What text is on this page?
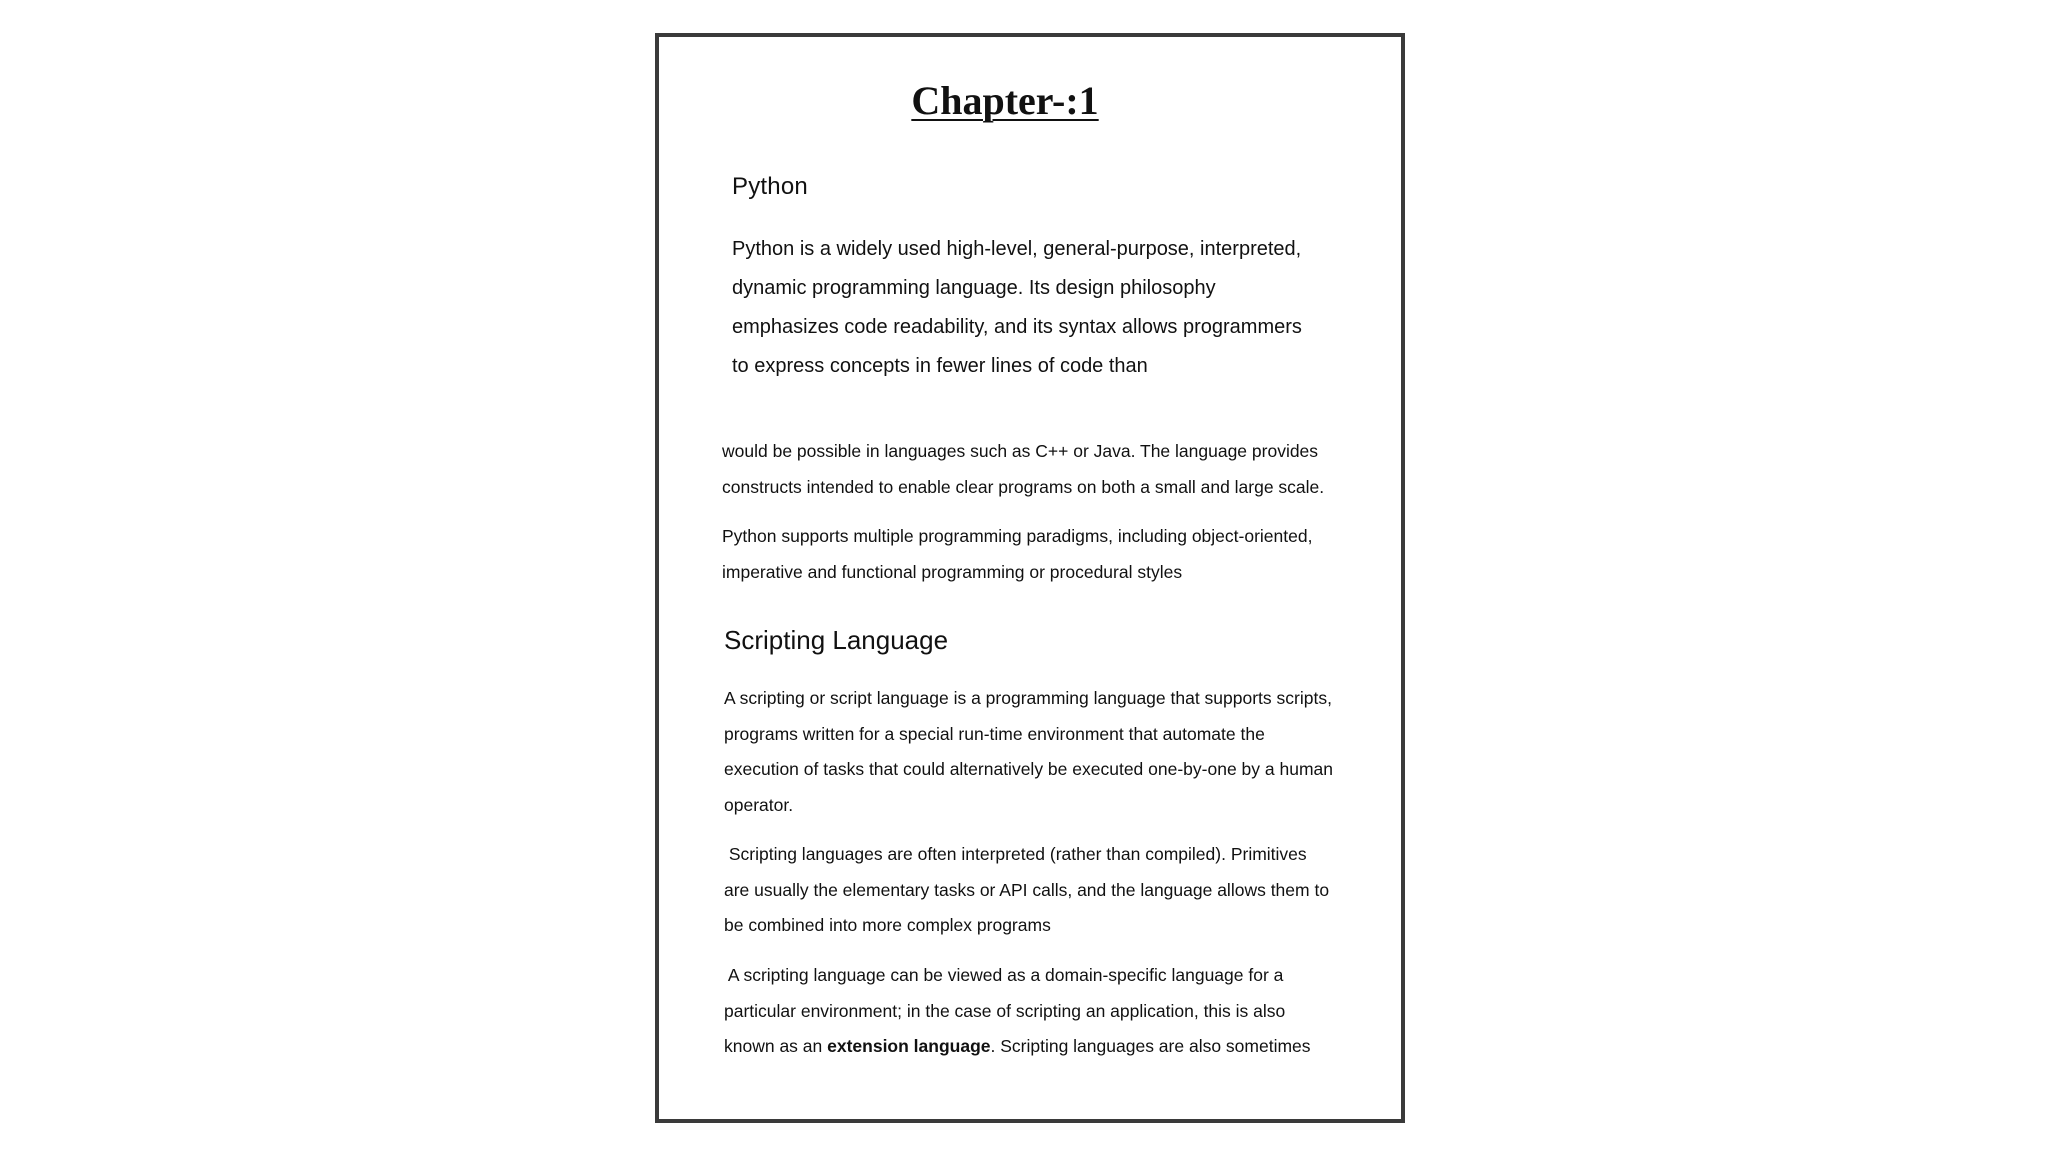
Chapter-:1
Python

Python is a widely used high-level, general-purpose, interpreted,
dynamic programming language. Its design philosophy
emphasizes code readability, and its syntax allows programmers
to express concepts in fewer lines of code than

would be possible in languages such as C++ or Java. The language provides
constructs intended to enable clear programs on both a small and large scale.

Python supports multiple programming paradigms, including object-oriented,
imperative and functional programming or procedural styles

Scripting Language

A scripting or script language is a programming language that supports scripts,
programs written for a special run-time environment that automate the
execution of tasks that could alternatively be executed one-by-one by a human
operator.

Scripting languages are often interpreted (rather than compiled). Primitives
are usually the elementary tasks or API calls, and the language allows them to
be combined into more complex programs

A scripting language can be viewed as a domain-specific language for a
particular environment; in the case of scripting an application, this is also
known as an extension language. Scripting languages are also sometimes
